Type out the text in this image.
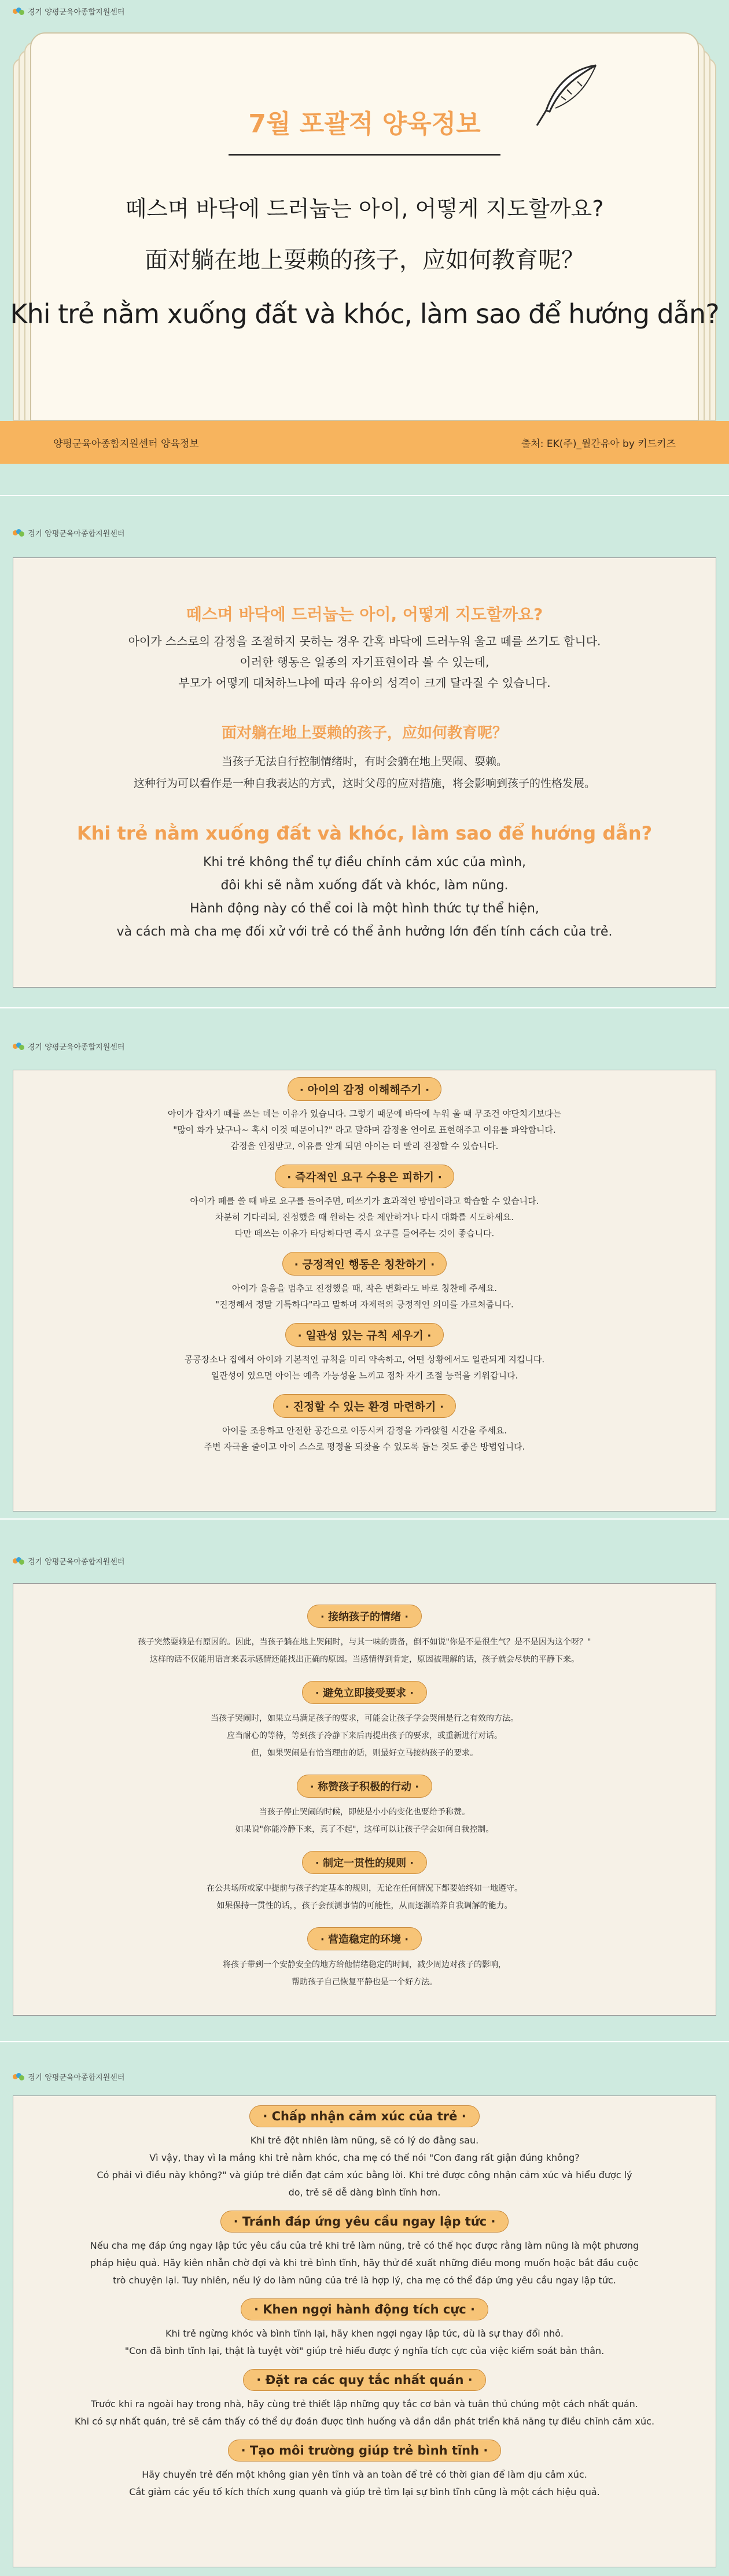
경기 양평군육아종합지원센터
7월 포괄적 양육정보
떼스며 바닥에 드러눕는 아이, 어떻게 지도할까요?
面对躺在地上耍赖的孩子，应如何教育呢？
Khi trẻ nằm xuống đất và khóc, làm sao để hướng dẫn?
양평군육아종합지원센터 양육정보	출처: EK(주)_월간유아 by 키드키즈
경기 양평군육아종합지원센터
떼스며 바닥에 드러눕는 아이, 어떻게 지도할까요?
아이가 스스로의 감정을 조절하지 못하는 경우 간혹 바닥에 드러누워 울고 떼를 쓰기도 합니다.
이러한 행동은 일종의 자기표현이라 볼 수 있는데,
부모가 어떻게 대처하느냐에 따라 유아의 성격이 크게 달라질 수 있습니다.
面对躺在地上耍赖的孩子，应如何教育呢？
当孩子无法自行控制情绪时，有时会躺在地上哭闹、耍赖。
这种行为可以看作是一种自我表达的方式，这时父母的应对措施，将会影响到孩子的性格发展。
Khi trẻ nằm xuống đất và khóc, làm sao để hướng dẫn?
Khi trẻ không thể tự điều chỉnh cảm xúc của mình,
đôi khi sẽ nằm xuống đất và khóc, làm nũng.
Hành động này có thể coi là một hình thức tự thể hiện,
và cách mà cha mẹ đối xử với trẻ có thể ảnh hưởng lớn đến tính cách của trẻ.
경기 양평군육아종합지원센터
· 아이의 감정 이해해주기 ·
아이가 갑자기 떼를 쓰는 데는 이유가 있습니다. 그렇기 때문에 바닥에 누워 울 때 무조건 야단치기보다는
"많이 화가 났구나~ 혹시 이것 때문이니?" 라고 말하며 감정을 언어로 표현해주고 이유를 파악합니다.
감정을 인정받고, 이유를 알게 되면 아이는 더 빨리 진정할 수 있습니다.
· 즉각적인 요구 수용은 피하기 ·
아이가 떼를 쓸 때 바로 요구를 들어주면, 떼쓰기가 효과적인 방법이라고 학습할 수 있습니다.
차분히 기다리되, 진정했을 때 원하는 것을 제안하거나 다시 대화를 시도하세요.
다만 떼쓰는 이유가 타당하다면 즉시 요구를 들어주는 것이 좋습니다.
· 긍정적인 행동은 칭찬하기 ·
아이가 울음을 멈추고 진정했을 때, 작은 변화라도 바로 칭찬해 주세요.
"진정해서 정말 기특하다"라고 말하며 자제력의 긍정적인 의미를 가르쳐줍니다.
· 일관성 있는 규칙 세우기 ·
공공장소나 집에서 아이와 기본적인 규칙을 미리 약속하고, 어떤 상황에서도 일관되게 지킵니다.
일관성이 있으면 아이는 예측 가능성을 느끼고 점차 자기 조절 능력을 키워갑니다.
· 진정할 수 있는 환경 마련하기 ·
아이를 조용하고 안전한 공간으로 이동시켜 감정을 가라앉힐 시간을 주세요.
주변 자극을 줄이고 아이 스스로 평정을 되찾을 수 있도록 돕는 것도 좋은 방법입니다.
경기 양평군육아종합지원센터
· 接纳孩子的情绪 ·
孩子突然耍赖是有原因的。因此，当孩子躺在地上哭闹时，与其一味的责备，倒不如说"你是不是很生气？是不是因为这个呀？"
这样的话不仅能用语言来表示感情还能找出正确的原因。当感情得到肯定，原因被理解的话，孩子就会尽快的平静下来。
· 避免立即接受要求 ·
当孩子哭闹时，如果立马满足孩子的要求，可能会让孩子学会哭闹是行之有效的方法。
应当耐心的等待，等到孩子冷静下来后再提出孩子的要求，或重新进行对话。
但，如果哭闹是有恰当理由的话，则最好立马接纳孩子的要求。
· 称赞孩子积极的行动 ·
当孩子停止哭闹的时候，即使是小小的变化也要给予称赞。
如果说"你能冷静下来，真了不起"，这样可以让孩子学会如何自我控制。
· 制定一贯性的规则 ·
在公共场所或家中提前与孩子约定基本的规则，无论在任何情况下都要始终如一地遵守。
如果保持一贯性的话，，孩子会预测事情的可能性，从而逐渐培养自我调解的能力。
· 营造稳定的环境 ·
将孩子带到一个安静安全的地方给他情绪稳定的时间，减少周边对孩子的影响，
帮助孩子自己恢复平静也是一个好方法。
경기 양평군육아종합지원센터
· Chấp nhận cảm xúc của trẻ ·
Khi trẻ đột nhiên làm nũng, sẽ có lý do đằng sau.
Vì vậy, thay vì la mắng khi trẻ nằm khóc, cha mẹ có thể nói "Con đang rất giận đúng không?
Có phải vì điều này không?" và giúp trẻ diễn đạt cảm xúc bằng lời. Khi trẻ được công nhận cảm xúc và hiểu được lý
do, trẻ sẽ dễ dàng bình tĩnh hơn.
· Tránh đáp ứng yêu cầu ngay lập tức ·
Nếu cha mẹ đáp ứng ngay lập tức yêu cầu của trẻ khi trẻ làm nũng, trẻ có thể học được rằng làm nũng là một phương
pháp hiệu quả. Hãy kiên nhẫn chờ đợi và khi trẻ bình tĩnh, hãy thử đề xuất những điều mong muốn hoặc bắt đầu cuộc
trò chuyện lại. Tuy nhiên, nếu lý do làm nũng của trẻ là hợp lý, cha mẹ có thể đáp ứng yêu cầu ngay lập tức.
· Khen ngợi hành động tích cực ·
Khi trẻ ngừng khóc và bình tĩnh lại, hãy khen ngợi ngay lập tức, dù là sự thay đổi nhỏ.
"Con đã bình tĩnh lại, thật là tuyệt vời" giúp trẻ hiểu được ý nghĩa tích cực của việc kiểm soát bản thân.
· Đặt ra các quy tắc nhất quán ·
Trước khi ra ngoài hay trong nhà, hãy cùng trẻ thiết lập những quy tắc cơ bản và tuân thủ chúng một cách nhất quán.
Khi có sự nhất quán, trẻ sẽ cảm thấy có thể dự đoán được tình huống và dần dần phát triển khả năng tự điều chỉnh cảm xúc.
· Tạo môi trường giúp trẻ bình tĩnh ·
Hãy chuyển trẻ đến một không gian yên tĩnh và an toàn để trẻ có thời gian để làm dịu cảm xúc.
Cắt giảm các yếu tố kích thích xung quanh và giúp trẻ tìm lại sự bình tĩnh cũng là một cách hiệu quả.
